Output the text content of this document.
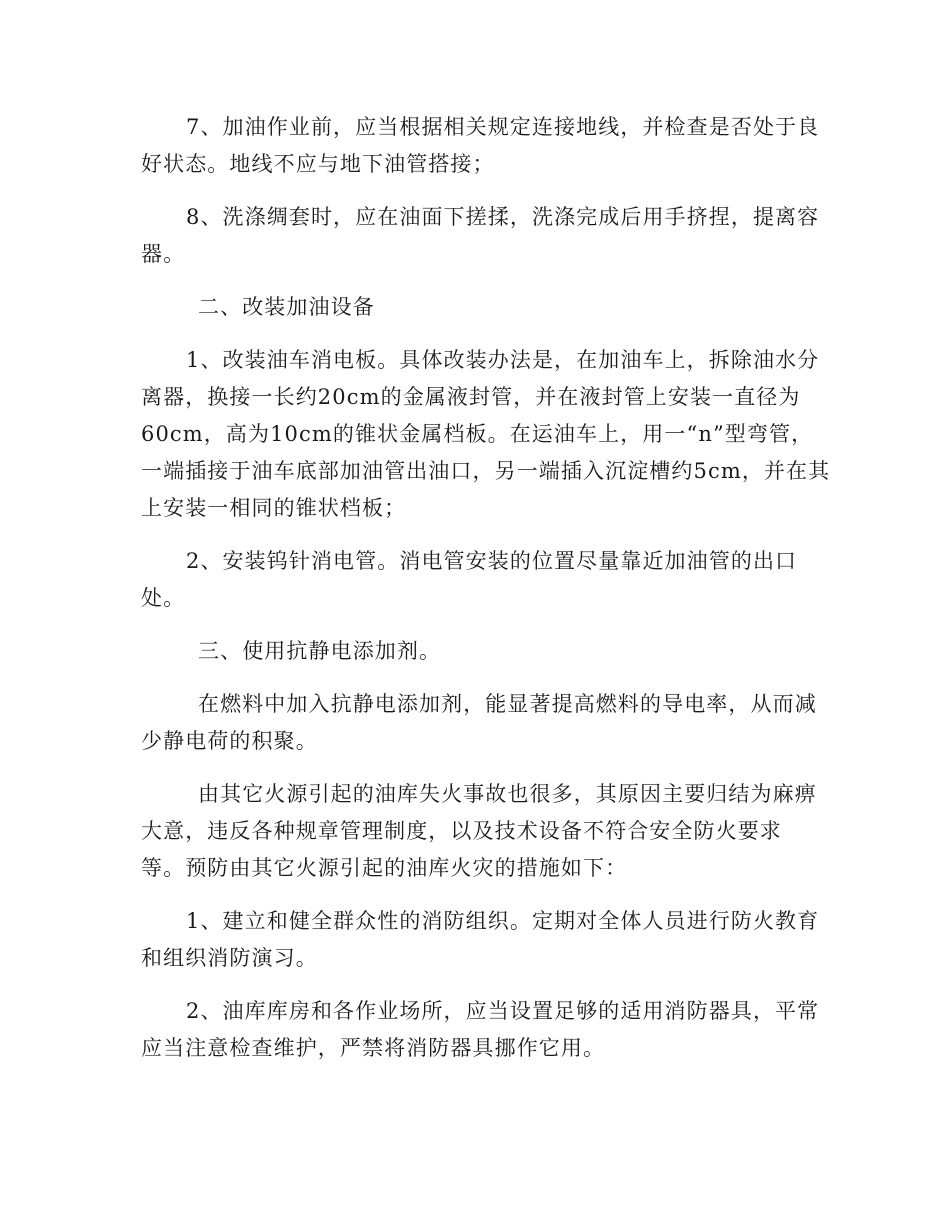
7、加油作业前，应当根据相关规定连接地线，并检查是否处于良
好状态。地线不应与地下油管搭接；
8、洗涤绸套时，应在油面下搓揉，洗涤完成后用手挤捏，提离容
器。
二、改装加油设备
1、改装油车消电板。具体改装办法是，在加油车上，拆除油水分
离器，换接一长约20cm的金属液封管，并在液封管上安装一直径为
60cm，高为10cm的锥状金属档板。在运油车上，用一“n”型弯管，
一端插接于油车底部加油管出油口，另一端插入沉淀槽约5cm，并在其
上安装一相同的锥状档板；
2、安装钨针消电管。消电管安装的位置尽量靠近加油管的出口
处。
三、使用抗静电添加剂。
在燃料中加入抗静电添加剂，能显著提高燃料的导电率，从而减
少静电荷的积聚。
由其它火源引起的油库失火事故也很多，其原因主要归结为麻痹
大意，违反各种规章管理制度，以及技术设备不符合安全防火要求
等。预防由其它火源引起的油库火灾的措施如下：
1、建立和健全群众性的消防组织。定期对全体人员进行防火教育
和组织消防演习。
2、油库库房和各作业场所，应当设置足够的适用消防器具，平常
应当注意检查维护，严禁将消防器具挪作它用。
